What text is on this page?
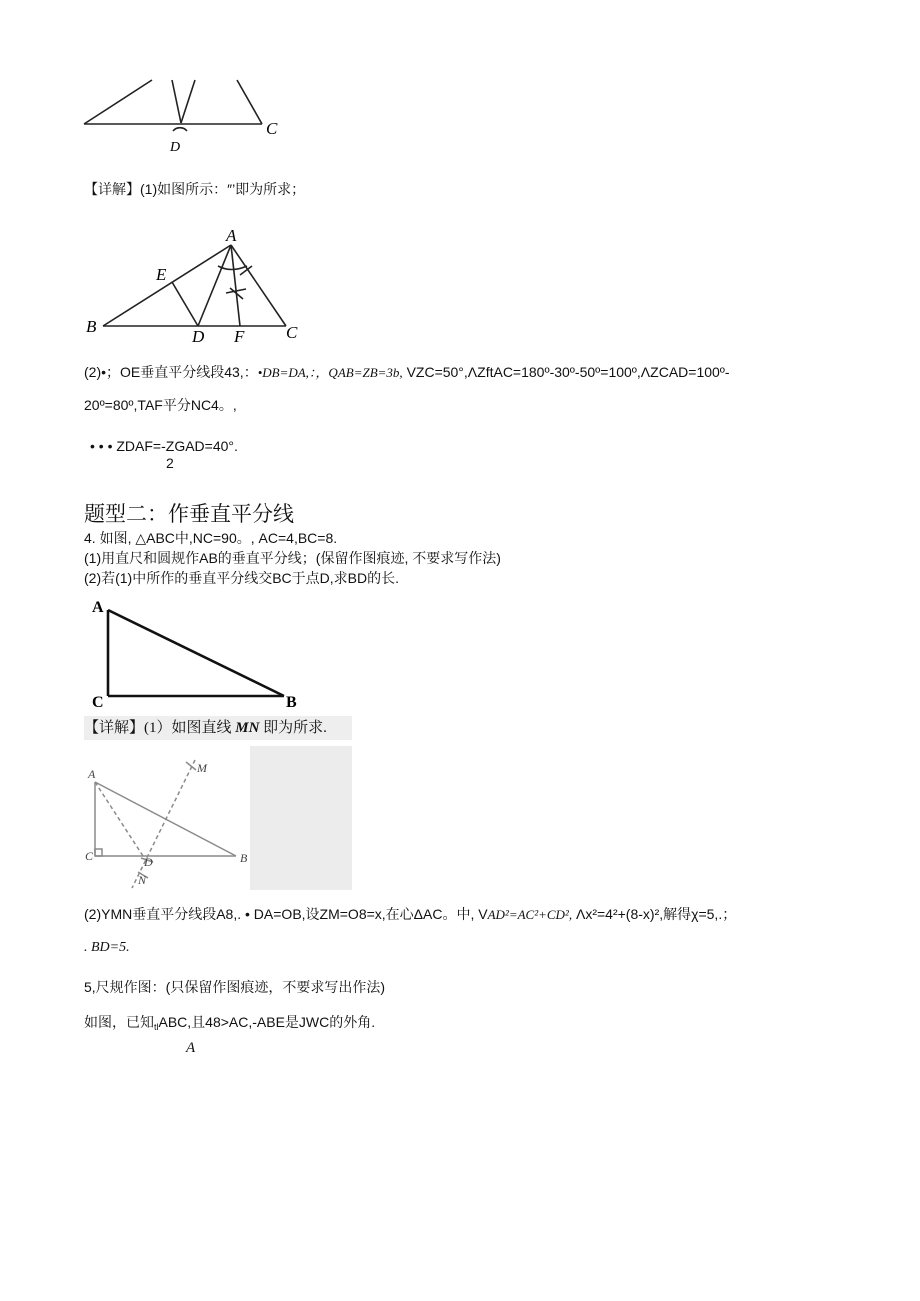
C
D
【详解】(1)如图所示：″’即为所求；
A
E
B
D F C
(2)•；OE垂直平分线段43,：•DB=DA,：，QAB=ZB=3b, VZC=50°,ΛZftAC=180º-30º-50º=100º,ΛZCAD=100º-
20º=80º,TAF平分NC4。,
• • • ZDAF=-ZGAD=40°.
2
题型二：作垂直平分线
4. 如图, △ABC中,NC=90。, AC=4,BC=8.
(1)用直尺和圆规作AB的垂直平分线；(保留作图痕迹, 不要求写作法)
(2)若(1)中所作的垂直平分线交BC于点D,求BD的长.
A
C	B
【详解】(1）如图直线 MN 即为所求.
A	M
C	D	B
N
(2)YMN垂直平分线段A8,. • DA=OB,设ZM=O8=x,在心ΔAC。中, VAD²=AC²+CD², Λx²=4²+(8-x)²,解得χ=5,.；
. BD=5.
5,尺规作图：(只保留作图痕迹，不要求写出作法)
如图，已知$_{tl}$ABC,且48>AC,-ABE是JWC的外角.
A
